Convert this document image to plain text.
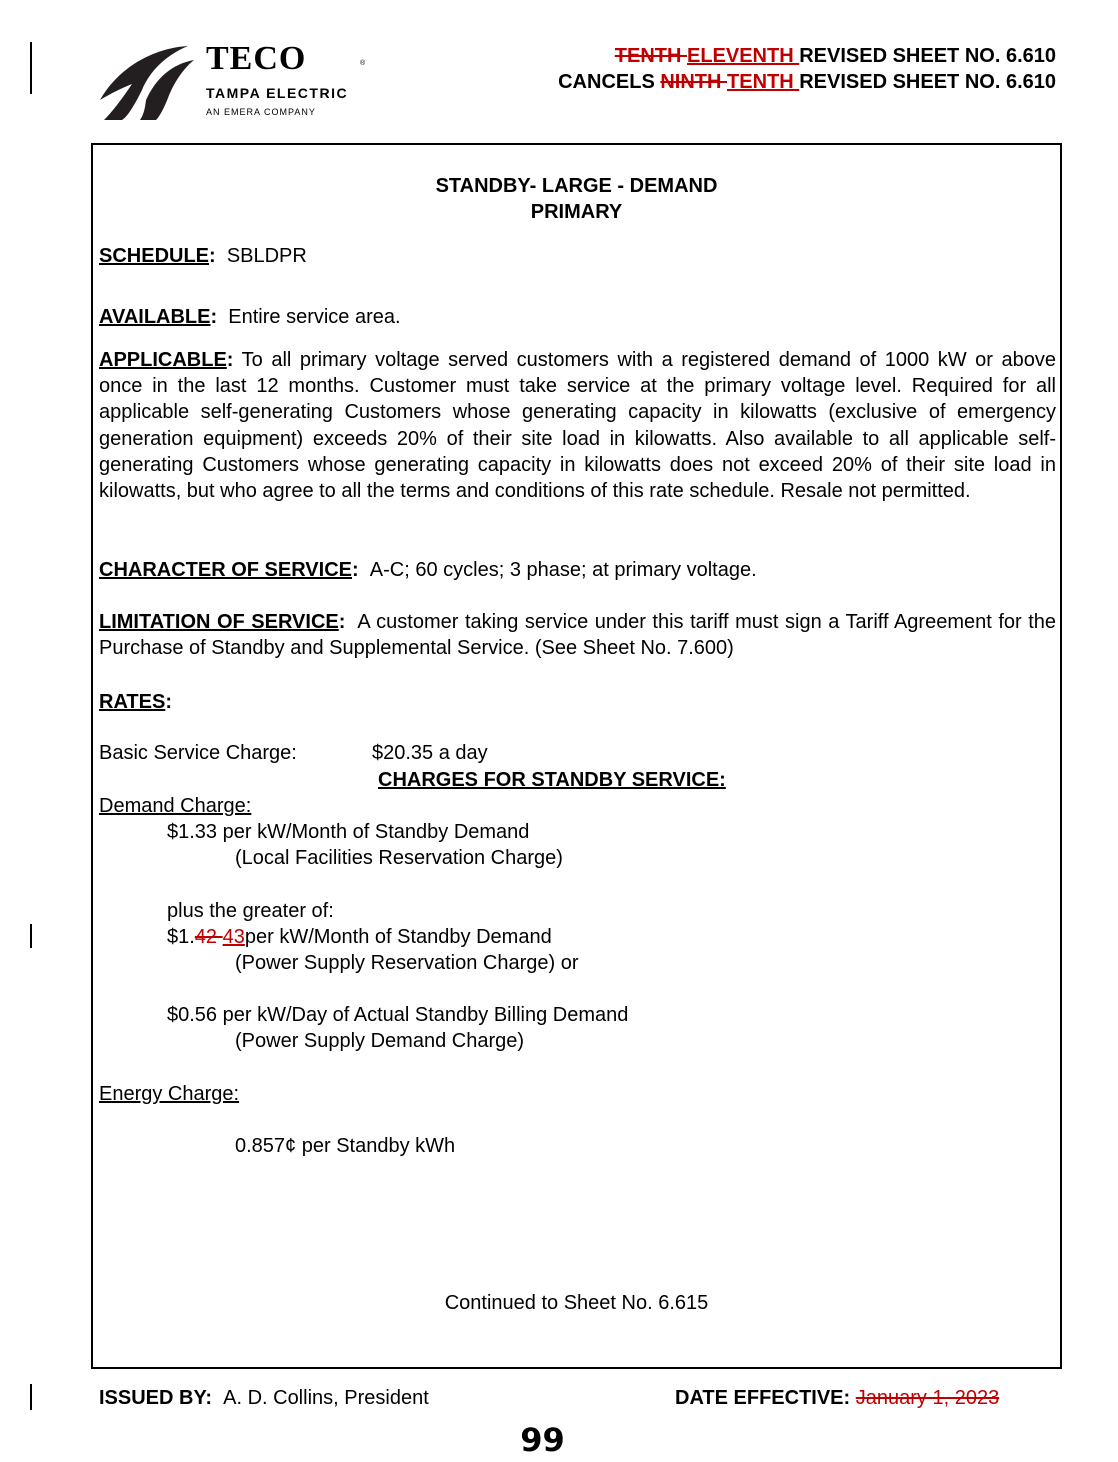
TECO	®
TAMPA ELECTRIC
AN EMERA COMPANY
TENTH ELEVENTH REVISED SHEET NO. 6.610
CANCELS NINTH TENTH REVISED SHEET NO. 6.610
STANDBY- LARGE - DEMAND
PRIMARY
SCHEDULE: SBLDPR
AVAILABLE: Entire service area.
APPLICABLE: To all primary voltage served customers with a registered demand of 1000 kW or above once in the last 12 months. Customer must take service at the primary voltage level. Required for all applicable self-generating Customers whose generating capacity in kilowatts (exclusive of emergency generation equipment) exceeds 20% of their site load in kilowatts. Also available to all applicable self-generating Customers whose generating capacity in kilowatts does not exceed 20% of their site load in kilowatts, but who agree to all the terms and conditions of this rate schedule. Resale not permitted.
CHARACTER OF SERVICE: A-C; 60 cycles; 3 phase; at primary voltage.
LIMITATION OF SERVICE: A customer taking service under this tariff must sign a Tariff Agreement for the Purchase of Standby and Supplemental Service. (See Sheet No. 7.600)
RATES:
Basic Service Charge:	$20.35 a day
CHARGES FOR STANDBY SERVICE:
Demand Charge:
$1.33 per kW/Month of Standby Demand
(Local Facilities Reservation Charge)
plus the greater of:
$1.42 43per kW/Month of Standby Demand
(Power Supply Reservation Charge) or
$0.56 per kW/Day of Actual Standby Billing Demand
(Power Supply Demand Charge)
Energy Charge:
0.857¢ per Standby kWh
Continued to Sheet No. 6.615
ISSUED BY: A. D. Collins, President	DATE EFFECTIVE: January 1, 2023
99
